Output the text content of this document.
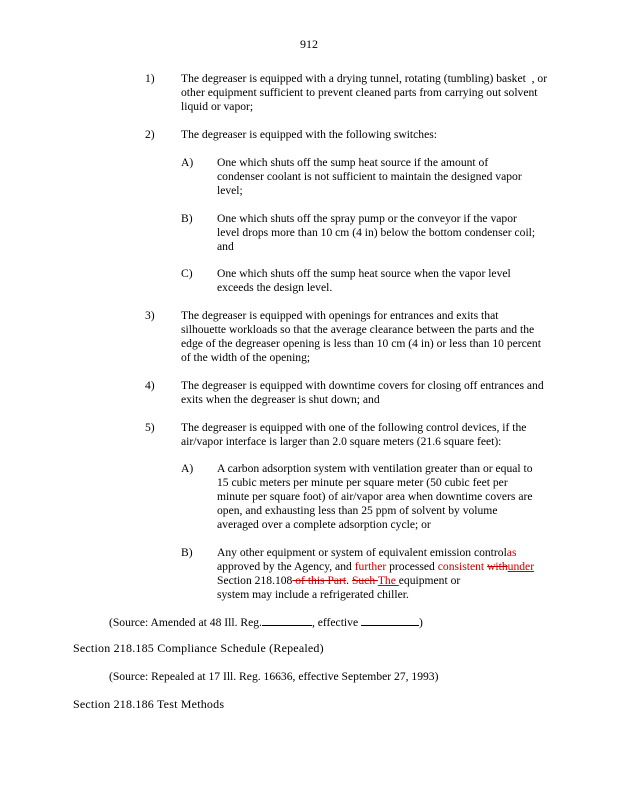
912
1) The degreaser is equipped with a drying tunnel, rotating (tumbling) basket  , or other equipment sufficient to prevent cleaned parts from carrying out solvent liquid or vapor;
2) The degreaser is equipped with the following switches:
A) One which shuts off the sump heat source if the amount of condenser coolant is not sufficient to maintain the designed vapor level;
B) One which shuts off the spray pump or the conveyor if the vapor level drops more than 10 cm (4 in) below the bottom condenser coil; and
C) One which shuts off the sump heat source when the vapor level exceeds the design level.
3) The degreaser is equipped with openings for entrances and exits that silhouette workloads so that the average clearance between the parts and the edge of the degreaser opening is less than 10 cm (4 in) or less than 10 percent of the width of the opening;
4) The degreaser is equipped with downtime covers for closing off entrances and exits when the degreaser is shut down; and
5) The degreaser is equipped with one of the following control devices, if the air/vapor interface is larger than 2.0 square meters (21.6 square feet):
A) A carbon adsorption system with ventilation greater than or equal to 15 cubic meters per minute per square meter (50 cubic feet per minute per square foot) of air/vapor area when downtime covers are open, and exhausting less than 25 ppm of solvent by volume averaged over a complete adsorption cycle; or
B) Any other equipment or system of equivalent emission controlas approved by the Agency, and further processed consistent withunder Section 218.108 of this Part. Such The equipment or
system may include a refrigerated chiller.
(Source: Amended at 48 Ill. Reg.	, effective	)
Section 218.185 Compliance Schedule (Repealed)
(Source: Repealed at 17 Ill. Reg. 16636, effective September 27, 1993)
Section 218.186 Test Methods
